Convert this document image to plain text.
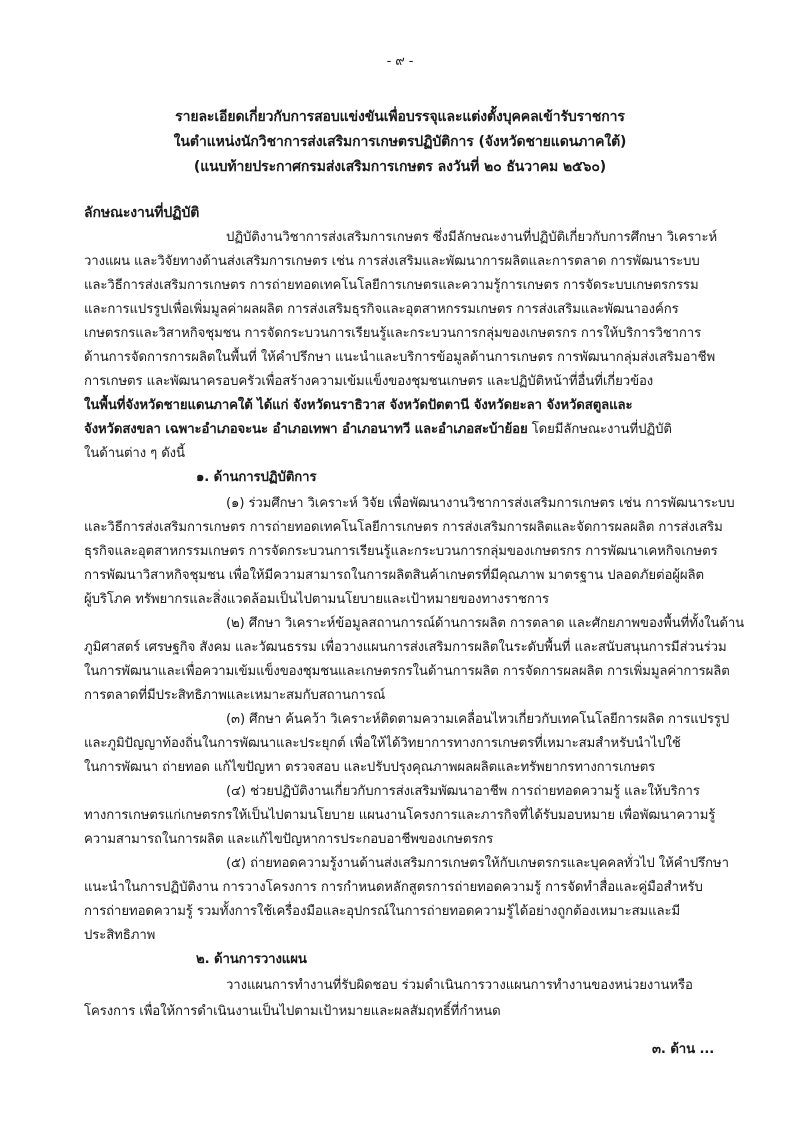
- ๙ -
รายละเอียดเกี่ยวกับการสอบแข่งขันเพื่อบรรจุและแต่งตั้งบุคคลเข้ารับราชการ
ในตำแหน่งนักวิชาการส่งเสริมการเกษตรปฏิบัติการ (จังหวัดชายแดนภาคใต้)
(แนบท้ายประกาศกรมส่งเสริมการเกษตร ลงวันที่ ๒๐ ธันวาคม ๒๕๖๐)
ลักษณะงานที่ปฏิบัติ
ปฏิบัติงานวิชาการส่งเสริมการเกษตร ซึ่งมีลักษณะงานที่ปฏิบัติเกี่ยวกับการศึกษา วิเคราะห์
วางแผน และวิจัยทางด้านส่งเสริมการเกษตร เช่น การส่งเสริมและพัฒนาการผลิตและการตลาด การพัฒนาระบบ
และวิธีการส่งเสริมการเกษตร การถ่ายทอดเทคโนโลยีการเกษตรและความรู้การเกษตร การจัดระบบเกษตรกรรม
และการแปรรูปเพื่อเพิ่มมูลค่าผลผลิต การส่งเสริมธุรกิจและอุตสาหกรรมเกษตร การส่งเสริมและพัฒนาองค์กร
เกษตรกรและวิสาหกิจชุมชน การจัดกระบวนการเรียนรู้และกระบวนการกลุ่มของเกษตรกร การให้บริการวิชาการ
ด้านการจัดการการผลิตในพื้นที่ ให้คำปรึกษา แนะนำและบริการข้อมูลด้านการเกษตร การพัฒนากลุ่มส่งเสริมอาชีพ
การเกษตร และพัฒนาครอบครัวเพื่อสร้างความเข้มแข็งของชุมชนเกษตร และปฏิบัติหน้าที่อื่นที่เกี่ยวข้อง
ในพื้นที่จังหวัดชายแดนภาคใต้ ได้แก่ จังหวัดนราธิวาส จังหวัดปัตตานี จังหวัดยะลา จังหวัดสตูลและ
จังหวัดสงขลา เฉพาะอำเภอจะนะ อำเภอเทพา อำเภอนาทวี และอำเภอสะบ้าย้อย โดยมีลักษณะงานที่ปฏิบัติ
ในด้านต่าง ๆ ดังนี้
๑. ด้านการปฏิบัติการ
(๑) ร่วมศึกษา วิเคราะห์ วิจัย เพื่อพัฒนางานวิชาการส่งเสริมการเกษตร เช่น การพัฒนาระบบ
และวิธีการส่งเสริมการเกษตร การถ่ายทอดเทคโนโลยีการเกษตร การส่งเสริมการผลิตและจัดการผลผลิต การส่งเสริม
ธุรกิจและอุตสาหกรรมเกษตร การจัดกระบวนการเรียนรู้และกระบวนการกลุ่มของเกษตรกร การพัฒนาเคหกิจเกษตร
การพัฒนาวิสาหกิจชุมชน เพื่อให้มีความสามารถในการผลิตสินค้าเกษตรที่มีคุณภาพ มาตรฐาน ปลอดภัยต่อผู้ผลิต
ผู้บริโภค ทรัพยากรและสิ่งแวดล้อมเป็นไปตามนโยบายและเป้าหมายของทางราชการ
(๒) ศึกษา วิเคราะห์ข้อมูลสถานการณ์ด้านการผลิต การตลาด และศักยภาพของพื้นที่ทั้งในด้าน
ภูมิศาสตร์ เศรษฐกิจ สังคม และวัฒนธรรม เพื่อวางแผนการส่งเสริมการผลิตในระดับพื้นที่ และสนับสนุนการมีส่วนร่วม
ในการพัฒนาและเพื่อความเข้มแข็งของชุมชนและเกษตรกรในด้านการผลิต การจัดการผลผลิต การเพิ่มมูลค่าการผลิต
การตลาดที่มีประสิทธิภาพและเหมาะสมกับสถานการณ์
(๓) ศึกษา ค้นคว้า วิเคราะห์ติดตามความเคลื่อนไหวเกี่ยวกับเทคโนโลยีการผลิต การแปรรูป
และภูมิปัญญาท้องถิ่นในการพัฒนาและประยุกต์ เพื่อให้ได้วิทยาการทางการเกษตรที่เหมาะสมสำหรับนำไปใช้
ในการพัฒนา ถ่ายทอด แก้ไขปัญหา ตรวจสอบ และปรับปรุงคุณภาพผลผลิตและทรัพยากรทางการเกษตร
(๔) ช่วยปฏิบัติงานเกี่ยวกับการส่งเสริมพัฒนาอาชีพ การถ่ายทอดความรู้ และให้บริการ
ทางการเกษตรแก่เกษตรกรให้เป็นไปตามนโยบาย แผนงานโครงการและภารกิจที่ได้รับมอบหมาย เพื่อพัฒนาความรู้
ความสามารถในการผลิต และแก้ไขปัญหาการประกอบอาชีพของเกษตรกร
(๕) ถ่ายทอดความรู้งานด้านส่งเสริมการเกษตรให้กับเกษตรกรและบุคคลทั่วไป ให้คำปรึกษา
แนะนำในการปฏิบัติงาน การวางโครงการ การกำหนดหลักสูตรการถ่ายทอดความรู้ การจัดทำสื่อและคู่มือสำหรับ
การถ่ายทอดความรู้ รวมทั้งการใช้เครื่องมือและอุปกรณ์ในการถ่ายทอดความรู้ได้อย่างถูกต้องเหมาะสมและมี
ประสิทธิภาพ
๒. ด้านการวางแผน
วางแผนการทำงานที่รับผิดชอบ ร่วมดำเนินการวางแผนการทำงานของหน่วยงานหรือ
โครงการ เพื่อให้การดำเนินงานเป็นไปตามเป้าหมายและผลสัมฤทธิ์ที่กำหนด
๓. ด้าน ...
